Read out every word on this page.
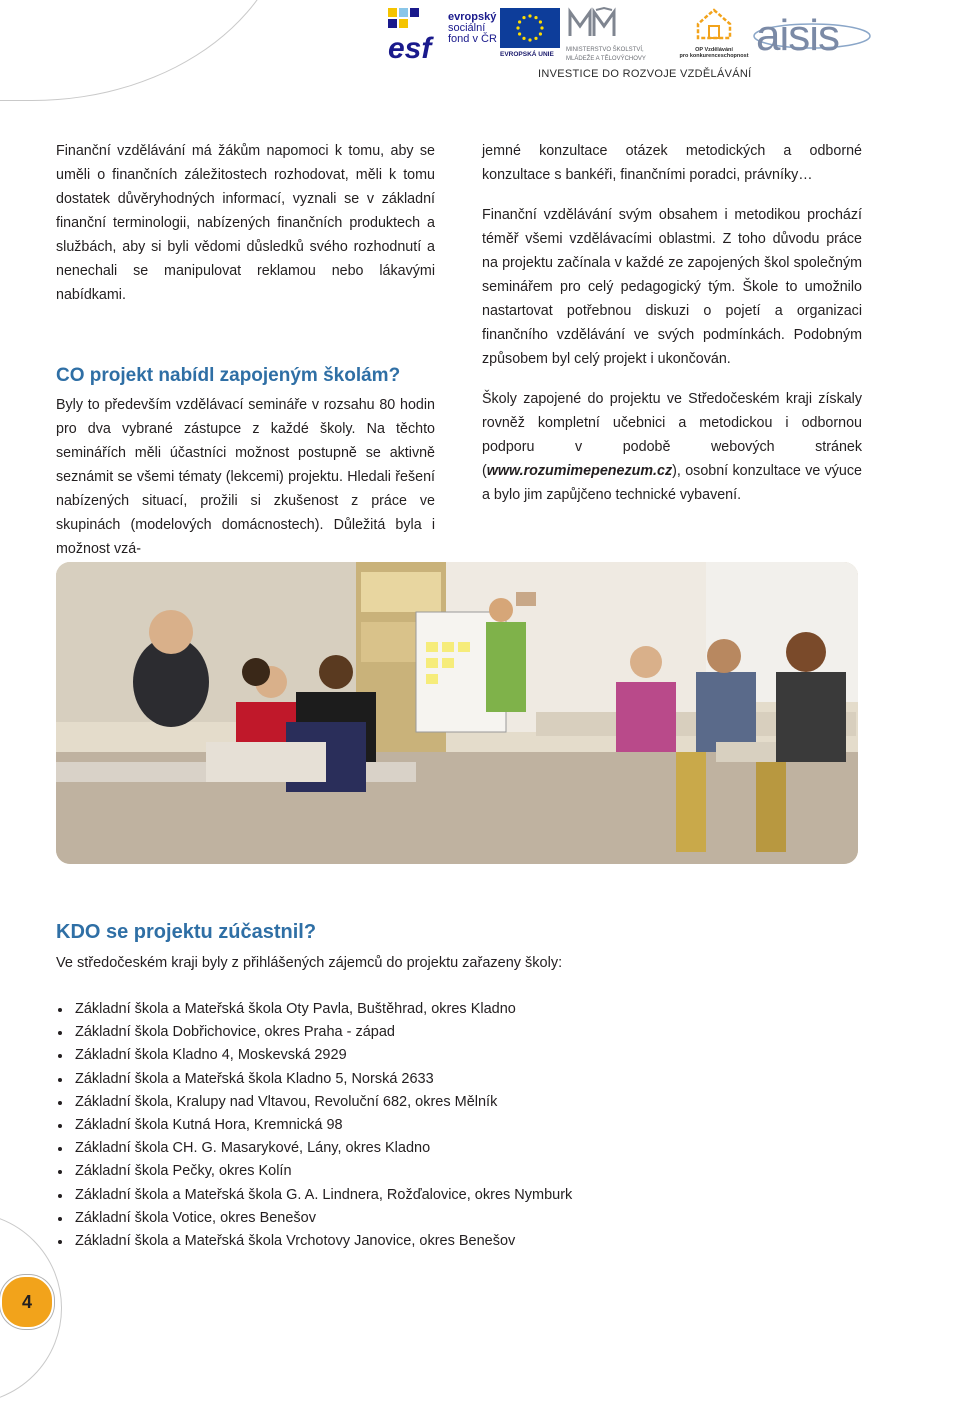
esf
evropský
sociální
fond v ČR
EVROPSKÁ UNIE
MINISTERSTVO ŠKOLSTVÍ,
MLÁDEŽE A TĚLOVÝCHOVY
OP Vzdělávání
pro konkurenceschopnost aisis
INVESTICE DO ROZVOJE VZDĚLÁVÁNÍ

Finanční vzdělávání má žákům napomoci k tomu, aby se uměli o finančních záležitostech rozhodovat, měli k tomu dostatek důvěryhodných informací, vyznali se v základní finanční terminologii, nabízených finančních produktech a službách, aby si byli vědomi důsledků svého rozhodnutí a nenechali se manipulovat reklamou nebo lákavými nabídkami.

CO projekt nabídl zapojeným školám?

Byly to především vzdělávací semináře v rozsahu 80 hodin pro dva vybrané zástupce z každé školy. Na těchto seminářích měli účastníci možnost postupně se aktivně seznámit se všemi tématy (lekcemi) projektu. Hledali řešení nabízených situací, prožili si zkušenost z práce ve skupinách (modelových domácnostech). Důležitá byla i možnost vzá-

jemné konzultace otázek metodických a odborné konzultace s bankéři, finančními poradci, právníky…

Finanční vzdělávání svým obsahem i metodikou prochází téměř všemi vzdělávacími oblastmi. Z toho důvodu práce na projektu začínala v každé ze zapojených škol společným seminářem pro celý pedagogický tým. Škole to umožnilo nastartovat potřebnou diskuzi o pojetí a organizaci finančního vzdělávání ve svých podmínkách. Podobným způsobem byl celý projekt i ukončován.

Školy zapojené do projektu ve Středočeském kraji získaly rovněž kompletní učebnici a metodickou i odbornou podporu v podobě webových stránek (www.rozumimepenezum.cz), osobní konzultace ve výuce a bylo jim zapůjčeno technické vybavení.

KDO se projektu zúčastnil?
Ve středočeském kraji byly z přihlášených zájemců do projektu zařazeny školy:
Základní škola a Mateřská škola Oty Pavla, Buštěhrad, okres Kladno
Základní škola Dobřichovice, okres Praha - západ
Základní škola Kladno 4, Moskevská 2929
Základní škola a Mateřská škola Kladno 5, Norská 2633
Základní škola, Kralupy nad Vltavou, Revoluční 682, okres Mělník
Základní škola Kutná Hora, Kremnická 98
Základní škola CH. G. Masarykové, Lány, okres Kladno
Základní škola Pečky, okres Kolín
Základní škola a Mateřská škola G. A. Lindnera, Rožďalovice, okres Nymburk
Základní škola Votice, okres Benešov
Základní škola a Mateřská škola Vrchotovy Janovice, okres Benešov
4
